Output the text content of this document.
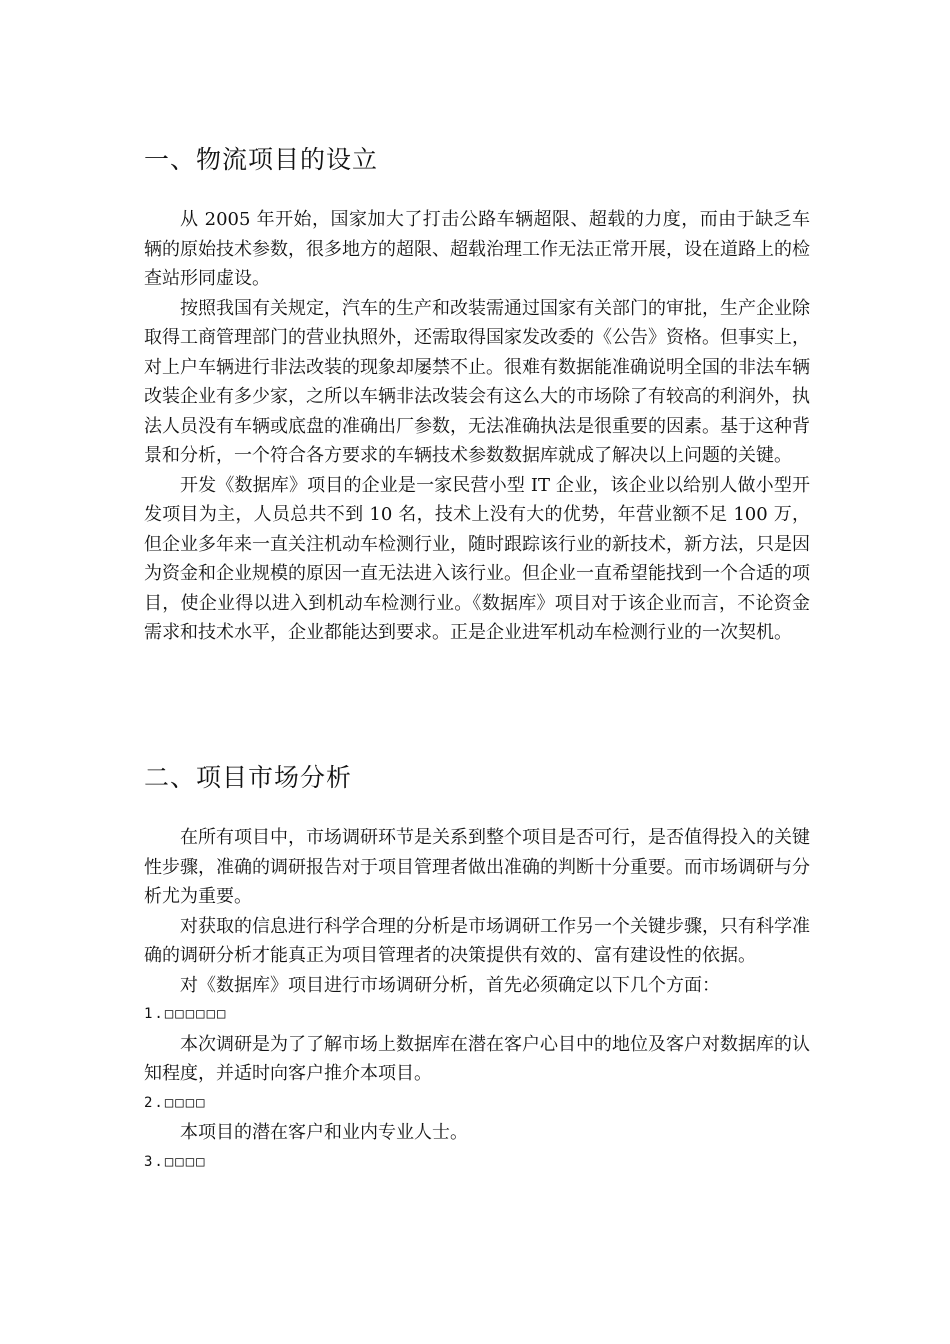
一、物流项目的设立

从 2005 年开始，国家加大了打击公路车辆超限、超载的力度，而由于缺乏车辆的原始技术参数，很多地方的超限、超载治理工作无法正常开展，设在道路上的检查站形同虚设。

按照我国有关规定，汽车的生产和改装需通过国家有关部门的审批，生产企业除取得工商管理部门的营业执照外，还需取得国家发改委的《公告》资格。但事实上，对上户车辆进行非法改装的现象却屡禁不止。很难有数据能准确说明全国的非法车辆改装企业有多少家，之所以车辆非法改装会有这么大的市场除了有较高的利润外，执法人员没有车辆或底盘的准确出厂参数，无法准确执法是很重要的因素。基于这种背景和分析，一个符合各方要求的车辆技术参数数据库就成了解决以上问题的关键。

开发《数据库》项目的企业是一家民营小型 IT 企业，该企业以给别人做小型开发项目为主，人员总共不到 10 名，技术上没有大的优势，年营业额不足 100 万，但企业多年来一直关注机动车检测行业，随时跟踪该行业的新技术，新方法，只是因为资金和企业规模的原因一直无法进入该行业。但企业一直希望能找到一个合适的项目，使企业得以进入到机动车检测行业。《数据库》项目对于该企业而言，不论资金需求和技术水平，企业都能达到要求。正是企业进军机动车检测行业的一次契机。

二、项目市场分析

在所有项目中，市场调研环节是关系到整个项目是否可行，是否值得投入的关键性步骤，准确的调研报告对于项目管理者做出准确的判断十分重要。而市场调研与分析尤为重要。

对获取的信息进行科学合理的分析是市场调研工作另一个关键步骤，只有科学准确的调研分析才能真正为项目管理者的决策提供有效的、富有建设性的依据。

对《数据库》项目进行市场调研分析，首先必须确定以下几个方面：

1.□□□□□□

本次调研是为了了解市场上数据库在潜在客户心目中的地位及客户对数据库的认知程度，并适时向客户推介本项目。

2.□□□□

本项目的潜在客户和业内专业人士。

3.□□□□
